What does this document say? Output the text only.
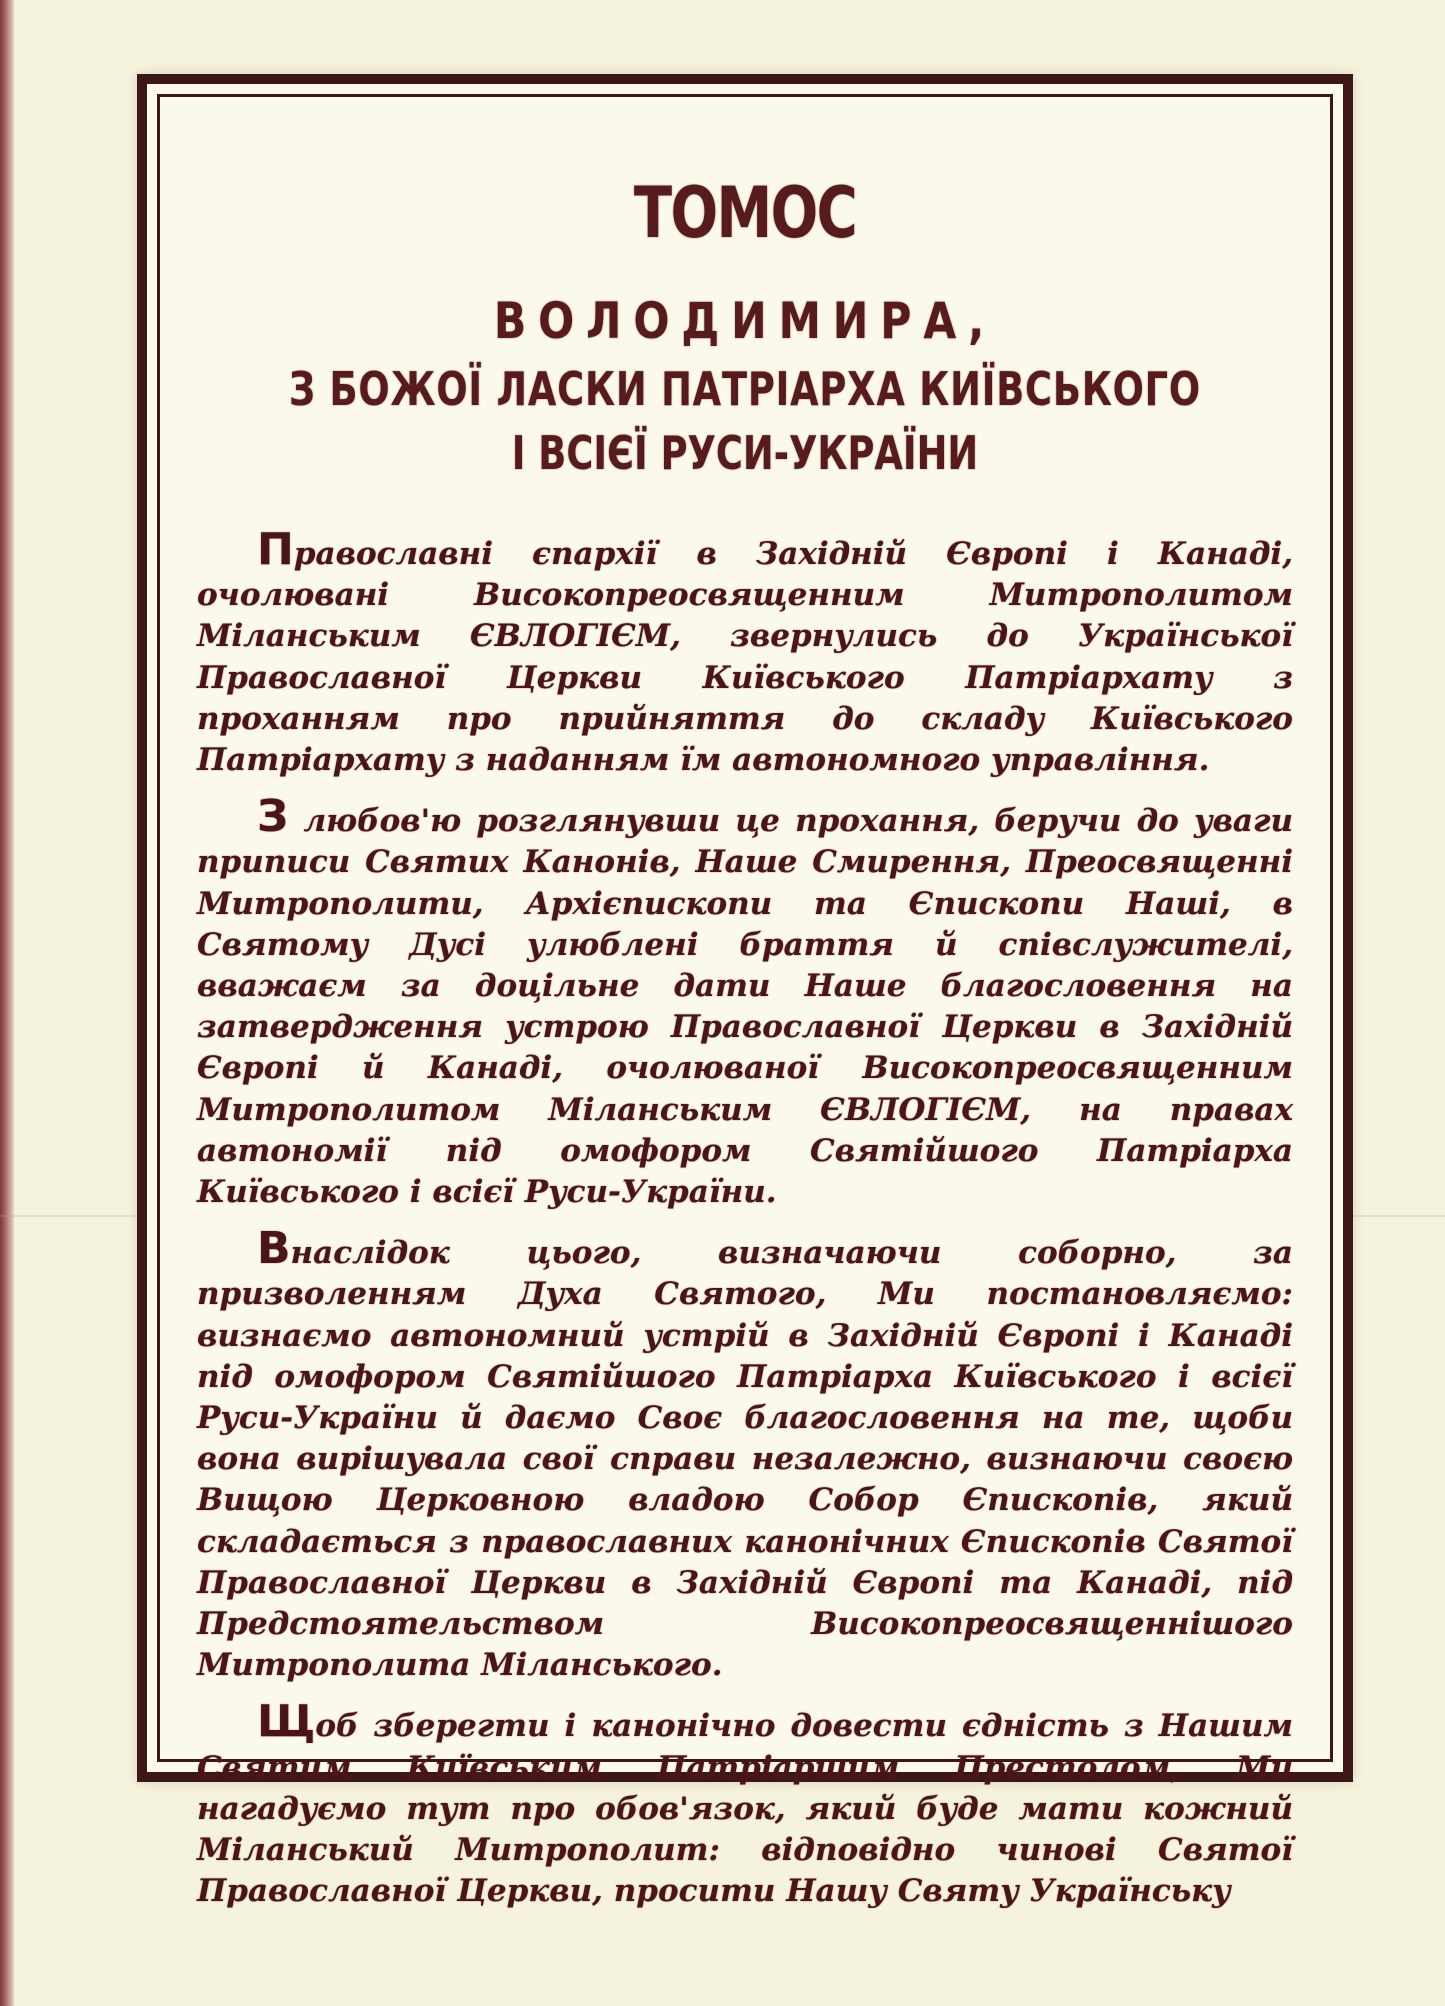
ТОМОС
ВОЛОДИМИРА,
З БОЖОЇ ЛАСКИ ПАТРІАРХА КИЇВСЬКОГО
І ВСІЄЇ РУСИ-УКРАЇНИ

Православні єпархії в Західній Європі і Канаді, очолювані Високопреосвященним Митрополитом Міланським ЄВЛОГІЄМ, звернулись до Української Православної Церкви Київського Патріархату з проханням про прийняття до складу Київського Патріархату з наданням їм автономного управління.

З любов'ю розглянувши це прохання, беручи до уваги приписи Святих Канонів, Наше Смирення, Преосвященні Митрополити, Архієпископи та Єпископи Наші, в Святому Дусі улюблені браття й співслужителі, вважаєм за доцільне дати Наше благословення на затвердження устрою Православної Церкви в Західній Європі й Канаді, очолюваної Високопреосвященним Митрополитом Міланським ЄВЛОГІЄМ, на правах автономії під омофором Святійшого Патріарха Київського і всієї Руси-України.

Внаслідок цього, визначаючи соборно, за призволенням Духа Святого, Ми постановляємо: визнаємо автономний устрій в Західній Європі і Канаді під омофором Святійшого Патріарха Київського і всієї Руси-України й даємо Своє благословення на те, щоби вона вирішувала свої справи незалежно, визнаючи своєю Вищою Церковною владою Собор Єпископів, який складається з православних канонічних Єпископів Святої Православної Церкви в Західній Європі та Канаді, під Предстоятельством Високопреосвященнішого Митрополита Міланського.

Щоб зберегти і канонічно довести єдність з Нашим Святим Київським Патріаршим Престолом, Ми нагадуємо тут про обов'язок, який буде мати кожний Міланський Митрополит: відповідно чинові Святої Православної Церкви, просити Нашу Святу Українську
